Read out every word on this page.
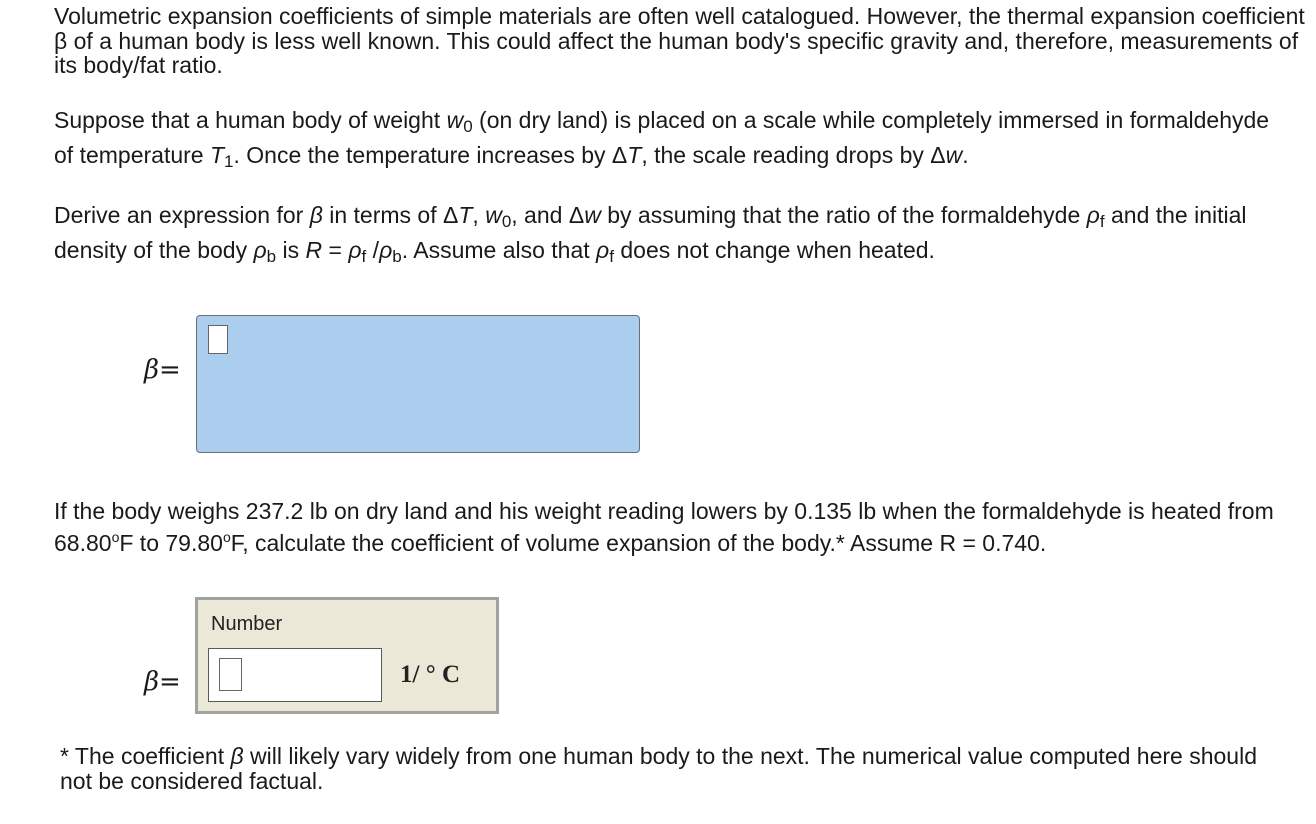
Volumetric expansion coefficients of simple materials are often well catalogued. However, the thermal expansion coefficient β of a human body is less well known. This could affect the human body's specific gravity and, therefore, measurements of its body/fat ratio.
Suppose that a human body of weight $w_0$ (on dry land) is placed on a scale while completely immersed in formaldehyde of temperature $T_1$. Once the temperature increases by ΔT, the scale reading drops by Δw.
Derive an expression for β in terms of ΔT, $w_0$, and Δw by assuming that the ratio of the formaldehyde $\rho_f$ and the initial density of the body $\rho_b$ is $R = \rho_f$ $/\rho_b$. Assume also that $\rho_f$ does not change when heated.
β=
If the body weighs 237.2 lb on dry land and his weight reading lowers by 0.135 lb when the formaldehyde is heated from 68.80$^o$F to 79.80$^o$F, calculate the coefficient of volume expansion of the body.* Assume R = 0.740.
β=
Number
1/ ° C
* The coefficient β will likely vary widely from one human body to the next. The numerical value computed here should not be considered factual.
